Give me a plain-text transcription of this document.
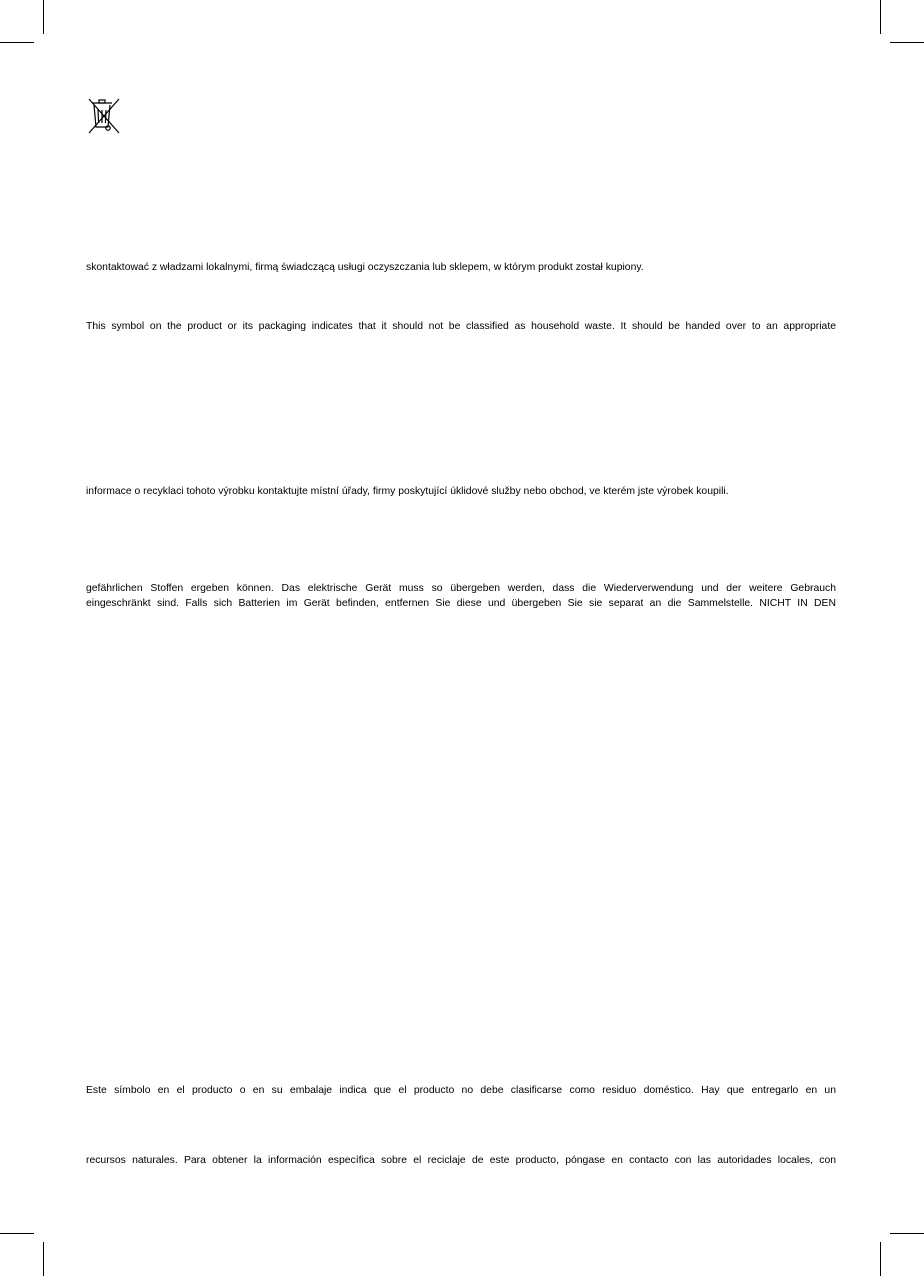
skontaktować z władzami lokalnymi, firmą świadczącą usługi oczyszczania lub sklepem, w którym produkt został kupiony.
This symbol on the product or its packaging indicates that it should not be classified as household waste. It should be handed over to an appropriate
informace o recyklaci tohoto výrobku kontaktujte místní úřady, firmy poskytující úklidové služby nebo obchod, ve kterém jste výrobek koupili.
gefährlichen Stoffen ergeben können. Das elektrische Gerät muss so übergeben werden, dass die Wiederverwendung und der weitere Gebrauch
eingeschränkt sind. Falls sich Batterien im Gerät befinden, entfernen Sie diese und übergeben Sie sie separat an die Sammelstelle. NICHT IN DEN
Este símbolo en el producto o en su embalaje indica que el producto no debe clasificarse como residuo doméstico. Hay que entregarlo en un
recursos naturales. Para obtener la información específica sobre el reciclaje de este producto, póngase en contacto con las autoridades locales, con
